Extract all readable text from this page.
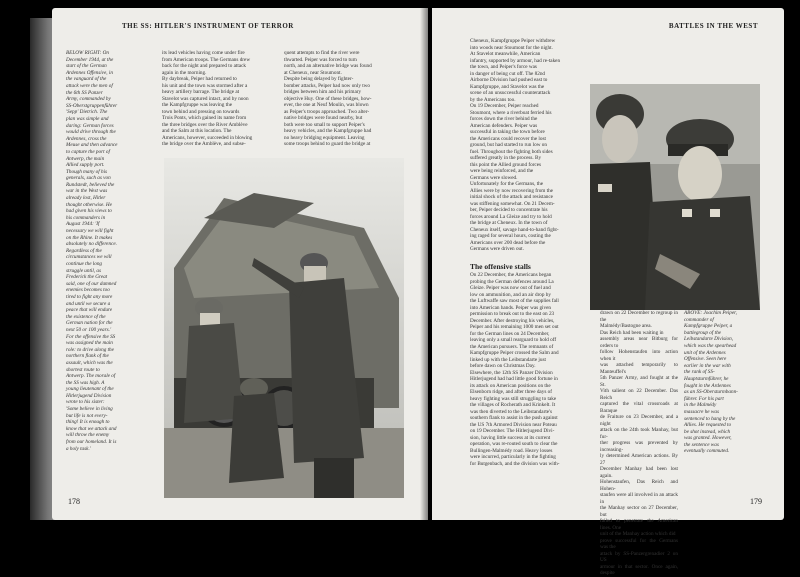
THE SS: HITLER'S INSTRUMENT OF TERROR
BELOW RIGHT: On
December 1944, at the
start of the German
Ardennes Offensive, in
the vanguard of the
attack were the men of
the 6th SS Panzer
Army, commanded by
SS-Oberstgruppenführer
'Sepp' Dietrich. The
plan was simple and
daring: German forces
would drive through the
Ardennes, cross the
Meuse and then advance
to capture the port of
Antwerp, the main
Allied supply port.
Though many of his
generals, such as von
Rundstedt, believed the
war in the West was
already lost, Hitler
thought otherwise. He
had given his views to
his commanders in
August 1944: 'If
necessary we will fight
on the Rhine. It makes
absolutely no difference.
Regardless of the
circumstances we will
continue the long
struggle until, as
Frederick the Great
said, one of our damned
enemies becomes too
tired to fight any more
and until we secure a
peace that will endure
the existence of the
German nation for the
next 50 or 100 years.'
For the offensive the SS
was assigned the main
role: to drive along the
northern flank of the
assault, which was the
shortest route to
Antwerp. The morale of
the SS was high. A
young lieutenant of the
Hitlerjugend Division
wrote to his sister:
'Some believe in living
but life is not every-
thing! It is enough to
know that we attack and
will throw the enemy
from our homeland. It is
a holy task.'
its lead vehicles having come under fire
from American troops. The Germans drew
back for the night and prepared to attack
again in the morning.
By daybreak, Peiper had returned to
his unit and the town was stormed after a
heavy artillery barrage. The bridge at
Stavelot was captured intact, and by noon
the Kampfgruppe was leaving the
town behind and pressing on towards
Trois Ponts, which gained its name from
the three bridges over the River Amblève
and the Salm at this location. The
Americans, however, succeeded in blowing
the bridge over the Amblève, and subse-
quent attempts to find the river were
thwarted. Peiper was forced to turn
north, and an alternative bridge was found
at Cheneux, near Stoumont.
Despite being delayed by fighter-
bomber attacks, Peiper had now only two
bridges between him and his primary
objective Huy. One of these bridges, how-
ever, the one at Neuf Moulin, was blown
as Peiper's troops approached. Two alter-
native bridges were found nearby, but
both were too small to support Peiper's
heavy vehicles, and the Kampfgruppe had
no heavy bridging equipment. Leaving
some troops behind to guard the bridge at
178
BATTLES IN THE WEST
Cheneux, Kampfgruppe Peiper withdrew
into woods near Stoumont for the night.
At Stavelot meanwhile, American
infantry, supported by armour, had re-taken
the town, and Peiper's force was
in danger of being cut off. The 82nd
Airborne Division had pushed east to
Kampfgruppe, and Stavelot was the
scene of an unsuccessful counterattack
by the Americans too.
On 19 December, Peiper reached
Stoumont, where a riverboat ferried his
forces down the river behind the
American defenders. Peiper was
successful in taking the town before
the Americans could recover the lost
ground, but had started to run low on
fuel. Throughout the fighting both sides
suffered greatly in the process. By
this point the Allied ground forces
were being reinforced, and the
Germans were slowed.
Unfortunately for the Germans, the
Allies were by now recovering from the
initial shock of the attack and resistance
was stiffening somewhat. On 21 Decem-
ber, Peiper decided to concentrate his
forces around La Gleize and try to hold
the bridge at Cheneux. In the town of
Cheneux itself, savage hand-to-hand fight-
ing raged for several hours, costing the
Americans over 200 dead before the
Germans were driven out.
The offensive stalls
On 22 December, the Americans began
probing the German defences around La
Gleize. Peiper was now out of fuel and
low on ammunition, and an air drop by
the Luftwaffe saw most of the supplies fall
into American hands. Peiper was given
permission to break out to the east on 23
December. After destroying his vehicles,
Peiper and his remaining 1000 men set out
for the German lines on 24 December,
leaving only a small rearguard to hold off
the American pursuers. The remnants of
Kampfgruppe Peiper crossed the Salm and
linked up with the Leibstandarte just
before dawn on Christmas Day.
Elsewhere, the 12th SS Panzer Division
Hitlerjugend had had little good fortune in
its attack on American positions on the
Elsenborn ridge, and after three days of
heavy fighting was still struggling to take
the villages of Rocherath and Krinkelt. It
was then diverted to the Leibstandarte's
southern flank to assist in the push against
the US 7th Armored Division near Poteau
on 19 December. The Hitlerjugend Divi-
sion, having little success at its current
operation, was re-routed south to clear the
Bullingen-Malmédy road. Heavy losses
were incurred, particularly in the fighting
for Butgenbach, and the division was with-
drawn on 22 December to regroup in the
Malmédy/Bastogne area.
Das Reich had been waiting in
assembly areas near Bitburg for orders to
follow Hohenstaufen into action when it
was attached temporarily to Manteuffel's
5th Panzer Army, and fought at the St.
Vith salient on 22 December. Das Reich
captured the vital crossroads at Baraque
de Fraiture on 23 December, and a night
attack on the 24th took Manhay, but fur-
ther progress was prevented by increasing-
ly determined American actions. By 27
December Manhay had been lost again.
Hohenstaufen, Das Reich and Hohen-
staufen were all involved in an attack in
the Manhay sector on 27 December, but
failed to penetrate the American lines. One
unit of the Manhay action which did
prove successful for the Germans was the
attack by SS-Panzergrenadier 2 on US
armour in that sector. Once again, despite
ABOVE: Joachim Peiper,
commander of
Kampfgruppe Peiper, a
battlegroup of the
Leibstandarte Division,
which was the spearhead
unit of the Ardennes
Offensive. Seen here
earlier in the war with
the rank of SS-
Hauptsturmführer, he
fought in the Ardennes
as an SS-Obersturmbann-
führer. For his part
in the Malmédy
massacre he was
sentenced to hang by the
Allies. He requested to
be shot instead, which
was granted. However,
the sentence was
eventually commuted.
179
